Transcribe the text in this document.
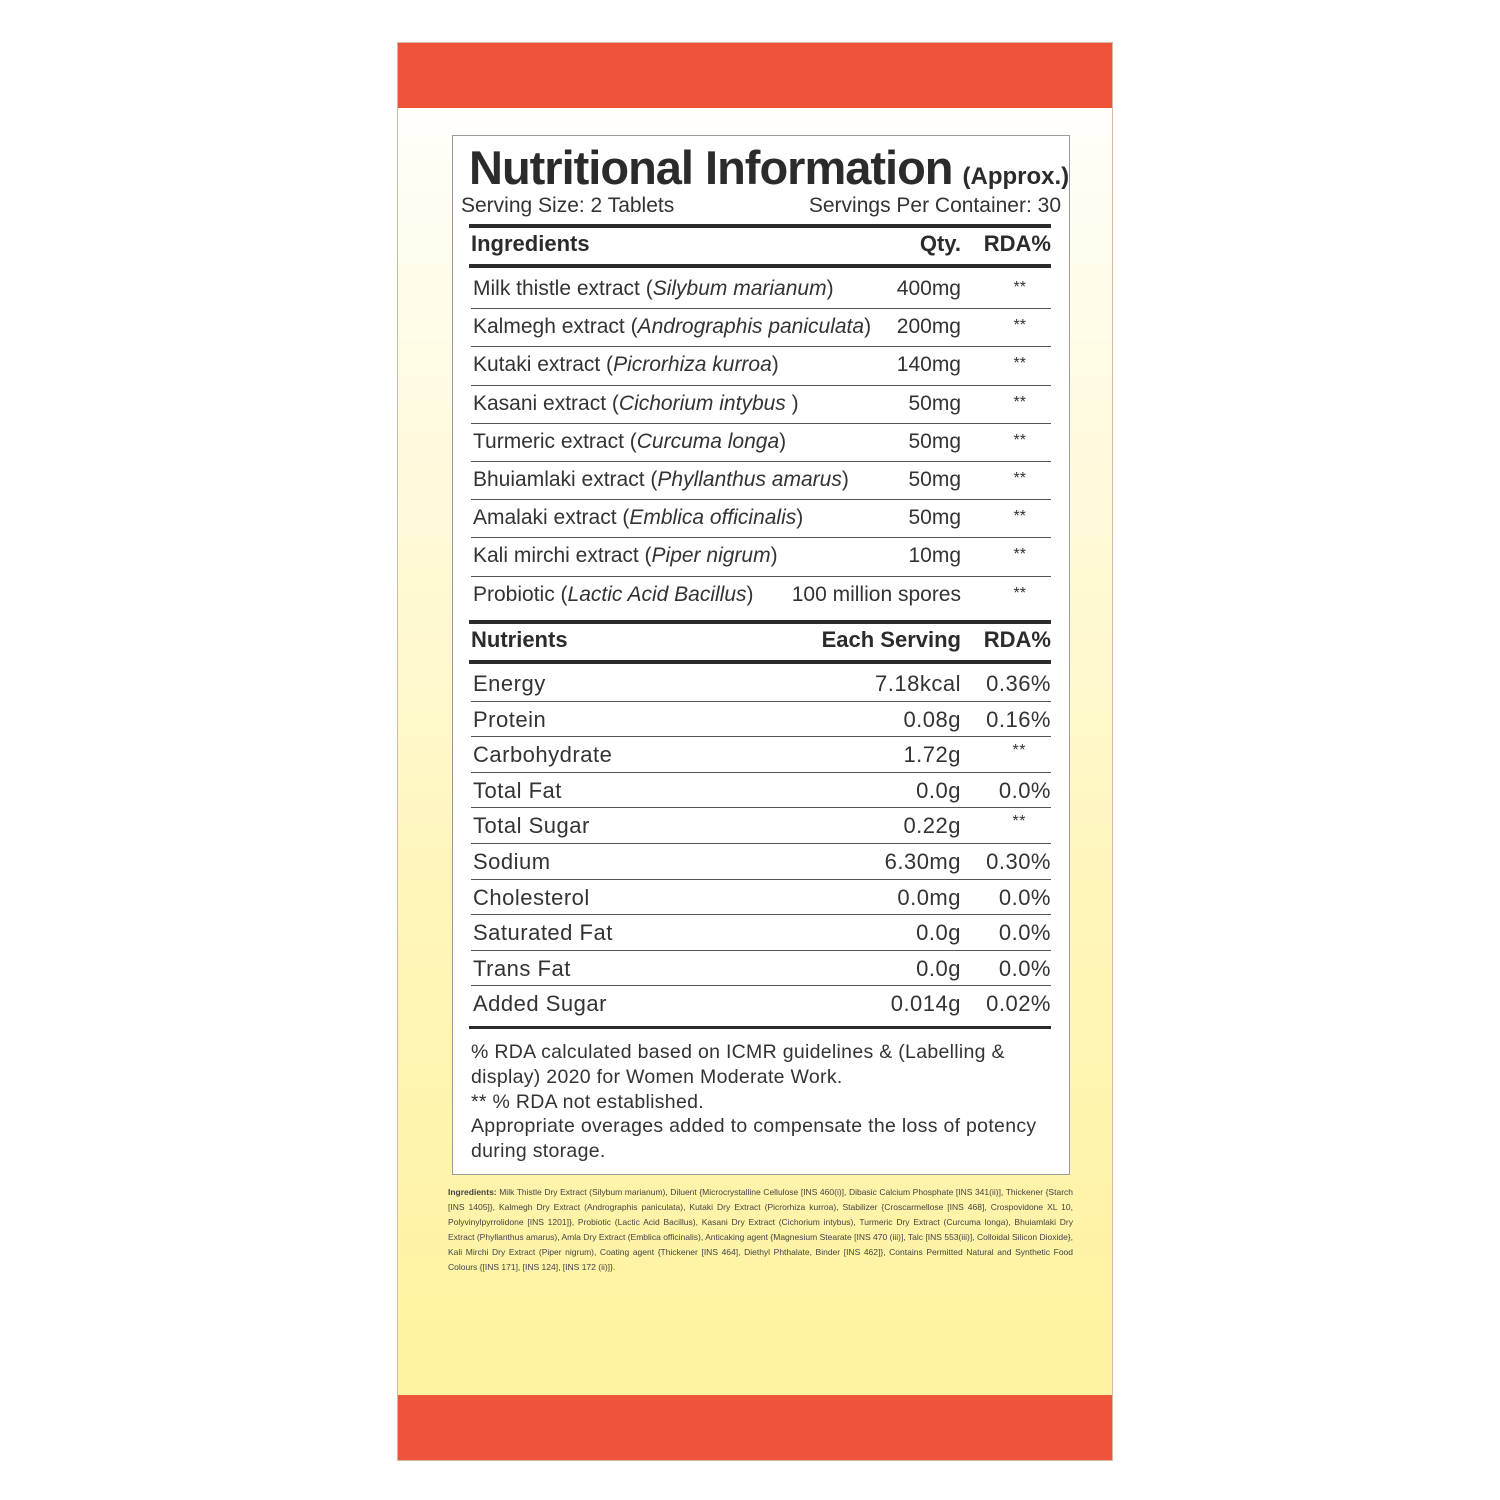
Nutritional Information (Approx.)
Serving Size: 2 Tablets	Servings Per Container: 30
Ingredients	Qty. RDA%
Milk thistle extract (Silybum marianum)	400mg	**
Kalmegh extract (Andrographis paniculata) 200mg	**
Kutaki extract (Picrorhiza kurroa)	140mg	**
Kasani extract (Cichorium intybus )	50mg	**
Turmeric extract (Curcuma longa)	50mg	**
Bhuiamlaki extract (Phyllanthus amarus)	50mg	**
Amalaki extract (Emblica officinalis)	50mg	**
Kali mirchi extract (Piper nigrum)	10mg	**
Probiotic (Lactic Acid Bacillus) 100 million spores	**
Nutrients	Each Serving RDA%
Energy	7.18kcal 0.36%
Protein	0.08g 0.16%
Carbohydrate	1.72g	**
Total Fat	0.0g 0.0%
Total Sugar	0.22g	**
Sodium	6.30mg 0.30%
Cholesterol	0.0mg 0.0%
Saturated Fat	0.0g 0.0%
Trans Fat	0.0g 0.0%
Added Sugar	0.014g 0.02%
% RDA calculated based on ICMR guidelines & (Labelling & display) 2020 for Women Moderate Work.
** % RDA not established.
Appropriate overages added to compensate the loss of potency during storage.
Ingredients: Milk Thistle Dry Extract (Silybum marianum), Diluent {Microcrystalline Cellulose [INS 460(i)], Dibasic Calcium Phosphate [INS 341(ii)], Thickener {Starch [INS 1405]}, Kalmegh Dry Extract (Andrographis paniculata), Kutaki Dry Extract (Picrorhiza kurroa), Stabilizer {Croscarmellose [INS 468], Crospovidone XL 10, Polyvinylpyrrolidone [INS 1201]}, Probiotic (Lactic Acid Bacillus), Kasani Dry Extract (Cichorium intybus), Turmeric Dry Extract (Curcuma longa), Bhuiamlaki Dry Extract (Phyllanthus amarus), Amla Dry Extract (Emblica officinalis), Anticaking agent {Magnesium Stearate [INS 470 (iii)], Talc [INS 553(iii)], Colloidal Silicon Dioxide}, Kali Mirchi Dry Extract (Piper nigrum), Coating agent {Thickener [INS 464], Diethyl Phthalate, Binder [INS 462]}, Contains Permitted Natural and Synthetic Food Colours {[INS 171], [INS 124], [INS 172 (ii)]}.
